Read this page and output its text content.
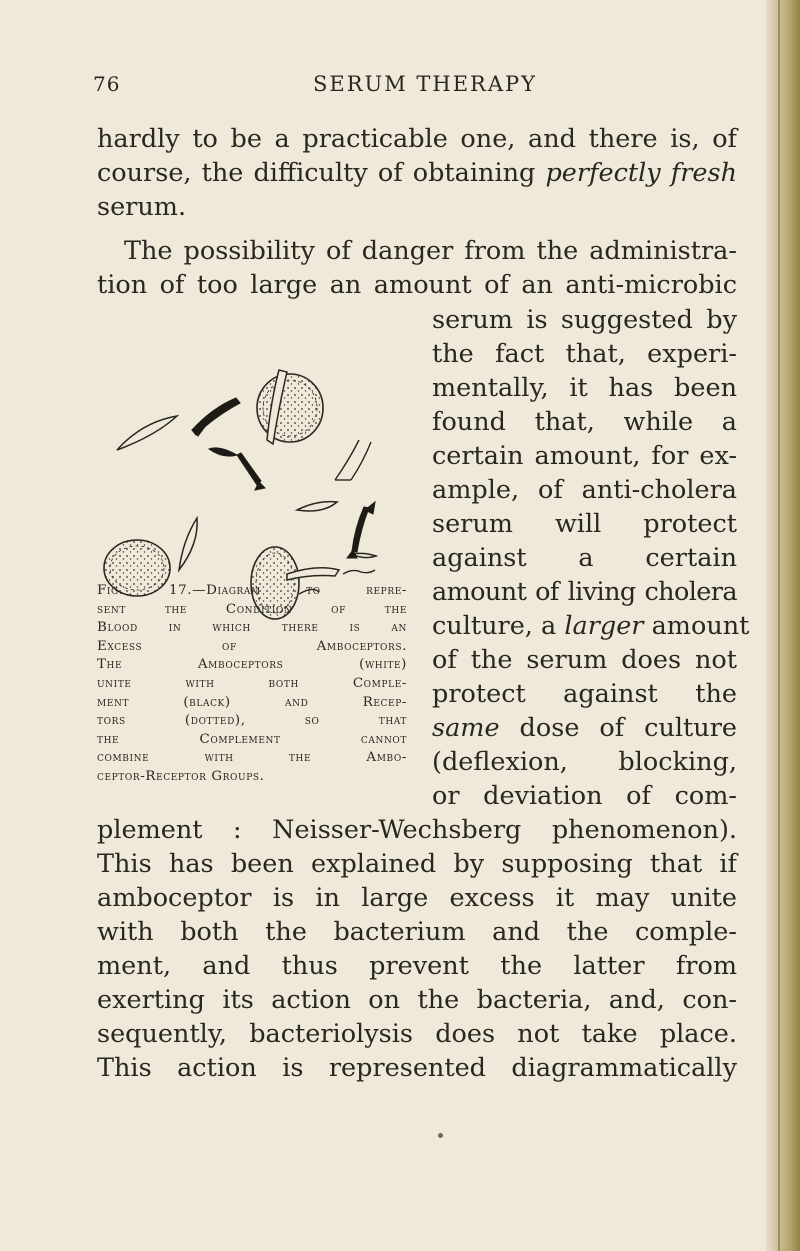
76	SERUM THERAPY
hardly to be a practicable one, and there is, of
course, the difficulty of obtaining perfectly fresh
serum.
The possibility of danger from the administra-
tion of too large an amount of an anti-microbic
serum is suggested by
the fact that, experi-
mentally, it has been
found that, while a
certain amount, for ex-
ample, of anti-cholera
serum will protect
against a certain
amount of living cholera
culture, a larger amount
of the serum does not
protect against the
same dose of culture
(deflexion, blocking,
or deviation of com-
plement : Neisser-Wechsberg phenomenon).
This has been explained by supposing that if
amboceptor is in large excess it may unite
with both the bacterium and the comple-
ment, and thus prevent the latter from
exerting its action on the bacteria, and, con-
sequently, bacteriolysis does not take place.
This action is represented diagrammatically
Fig. 17.—Diagram to repre-
sent the Condition of the
Blood in which there is an
Excess of Amboceptors.
The Amboceptors (white)
unite with both Comple-
ment (black) and Recep-
tors (dotted), so that
the Complement cannot
combine with the Ambo-
ceptor-Receptor Groups.
